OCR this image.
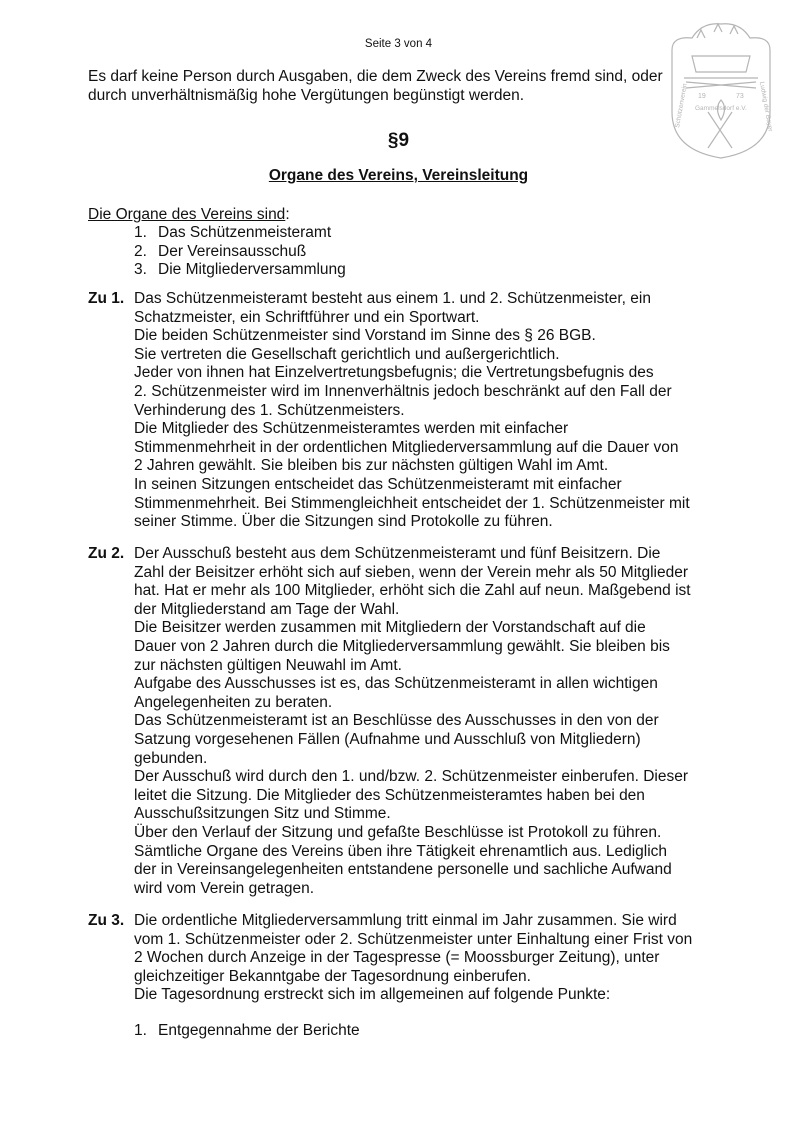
Seite 3 von 4
Es darf keine Person durch Ausgaben, die dem Zweck des Vereins fremd sind, oder
durch unverhältnismäßig hohe Vergütungen begünstigt werden.
§9
Organe des Vereins, Vereinsleitung
Die Organe des Vereins sind:
1. Das Schützenmeisteramt
2. Der Vereinsausschuß
3. Die Mitgliederversammlung
Zu 1. Das Schützenmeisteramt besteht aus einem 1. und 2. Schützenmeister, ein
Schatzmeister, ein Schriftführer und ein Sportwart.
Die beiden Schützenmeister sind Vorstand im Sinne des § 26 BGB.
Sie vertreten die Gesellschaft gerichtlich und außergerichtlich.
Jeder von ihnen hat Einzelvertretungsbefugnis; die Vertretungsbefugnis des
2. Schützenmeister wird im Innenverhältnis jedoch beschränkt auf den Fall der
Verhinderung des 1. Schützenmeisters.
Die Mitglieder des Schützenmeisteramtes werden mit einfacher
Stimmenmehrheit in der ordentlichen Mitgliederversammlung auf die Dauer von
2 Jahren gewählt. Sie bleiben bis zur nächsten gültigen Wahl im Amt.
In seinen Sitzungen entscheidet das Schützenmeisteramt mit einfacher
Stimmenmehrheit. Bei Stimmengleichheit entscheidet der 1. Schützenmeister mit
seiner Stimme. Über die Sitzungen sind Protokolle zu führen.
Zu 2. Der Ausschuß besteht aus dem Schützenmeisteramt und fünf Beisitzern. Die
Zahl der Beisitzer erhöht sich auf sieben, wenn der Verein mehr als 50 Mitglieder
hat. Hat er mehr als 100 Mitglieder, erhöht sich die Zahl auf neun. Maßgebend ist
der Mitgliederstand am Tage der Wahl.
Die Beisitzer werden zusammen mit Mitgliedern der Vorstandschaft auf die
Dauer von 2 Jahren durch die Mitgliederversammlung gewählt. Sie bleiben bis
zur nächsten gültigen Neuwahl im Amt.
Aufgabe des Ausschusses ist es, das Schützenmeisteramt in allen wichtigen
Angelegenheiten zu beraten.
Das Schützenmeisteramt ist an Beschlüsse des Ausschusses in den von der
Satzung vorgesehenen Fällen (Aufnahme und Ausschluß von Mitgliedern)
gebunden.
Der Ausschuß wird durch den 1. und/bzw. 2. Schützenmeister einberufen. Dieser
leitet die Sitzung. Die Mitglieder des Schützenmeisteramtes haben bei den
Ausschußsitzungen Sitz und Stimme.
Über den Verlauf der Sitzung und gefaßte Beschlüsse ist Protokoll zu führen.
Sämtliche Organe des Vereins üben ihre Tätigkeit ehrenamtlich aus. Lediglich
der in Vereinsangelegenheiten entstandene personelle und sachliche Aufwand
wird vom Verein getragen.
Zu 3. Die ordentliche Mitgliederversammlung tritt einmal im Jahr zusammen. Sie wird
vom 1. Schützenmeister oder 2. Schützenmeister unter Einhaltung einer Frist von
2 Wochen durch Anzeige in der Tagespresse (= Moossburger Zeitung), unter
gleichzeitiger Bekanntgabe der Tagesordnung einberufen.
Die Tagesordnung erstreckt sich im allgemeinen auf folgende Punkte:
1. Entgegennahme der Berichte
19	73
Gammelsdorf e.V.
Schützenverein	Ludwig der Bayer
